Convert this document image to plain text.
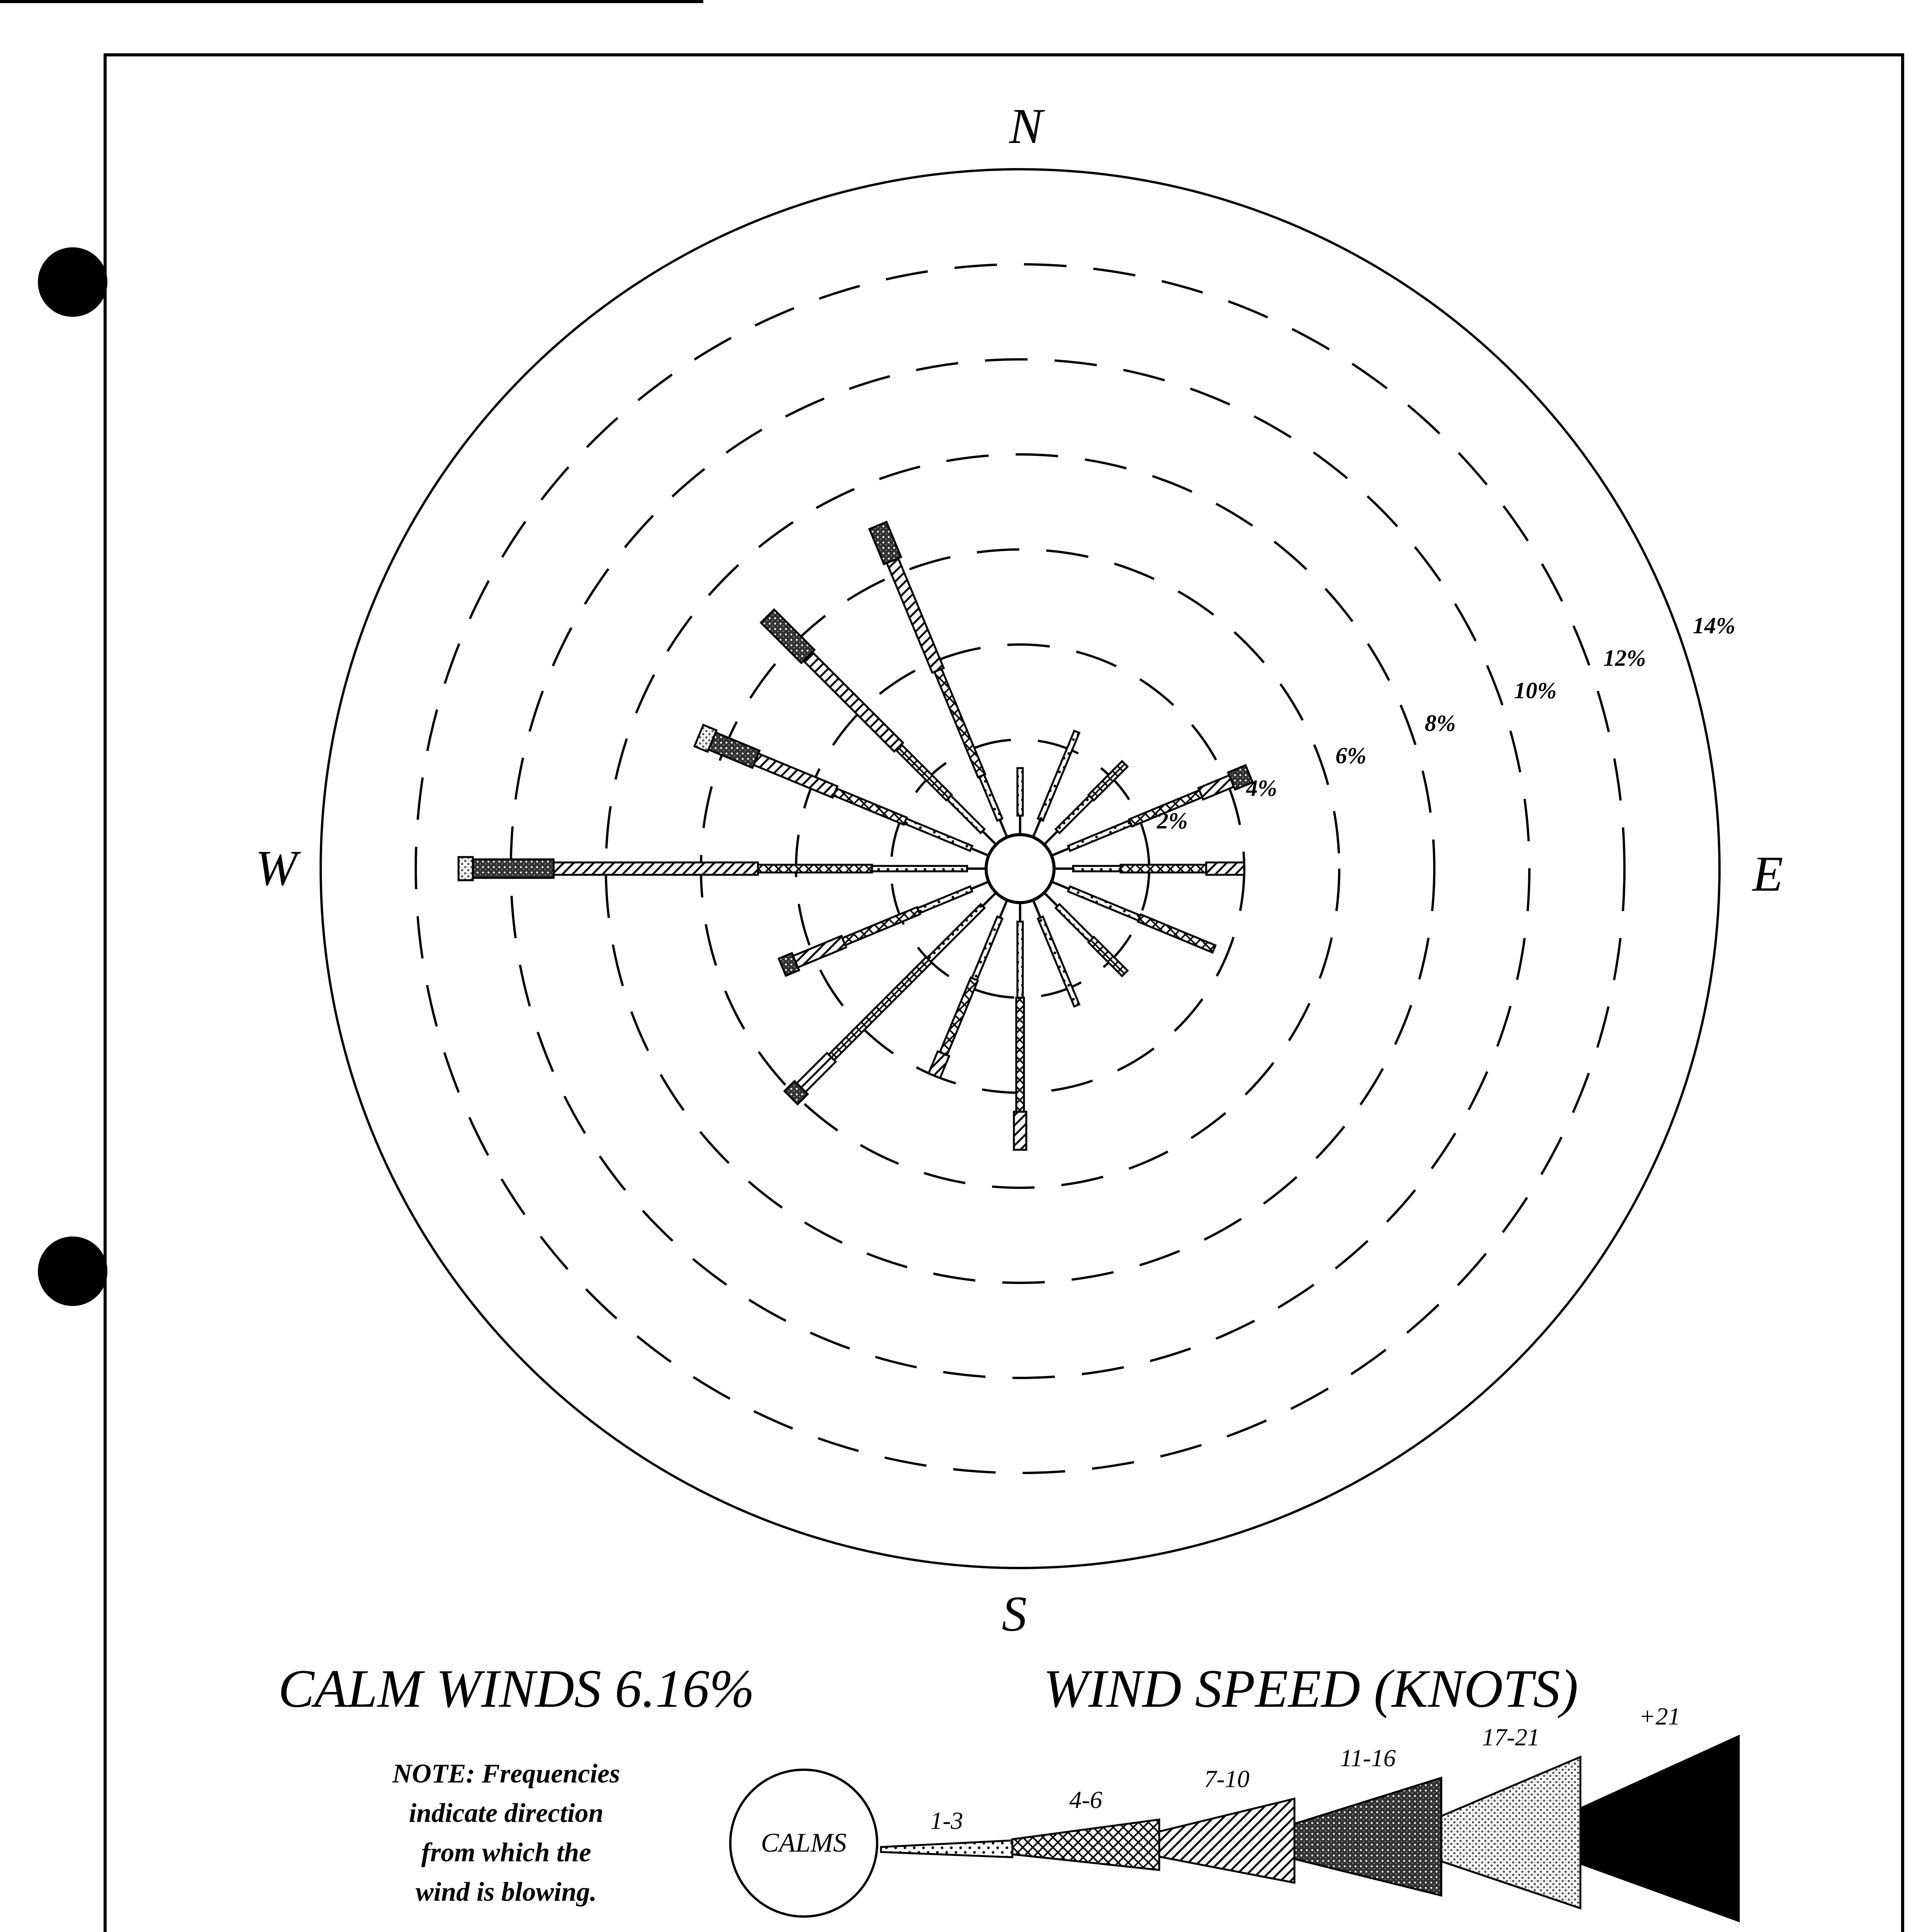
2%
4%
6%
8%
10%
12%
14%
N
E
S
W
CALM WINDS 6.16%	WIND SPEED (KNOTS)
NOTE: Frequencies
indicate direction
from which the
wind is blowing.
CALMS
1-3
4-6
7-10
11-16
17-21
+21
